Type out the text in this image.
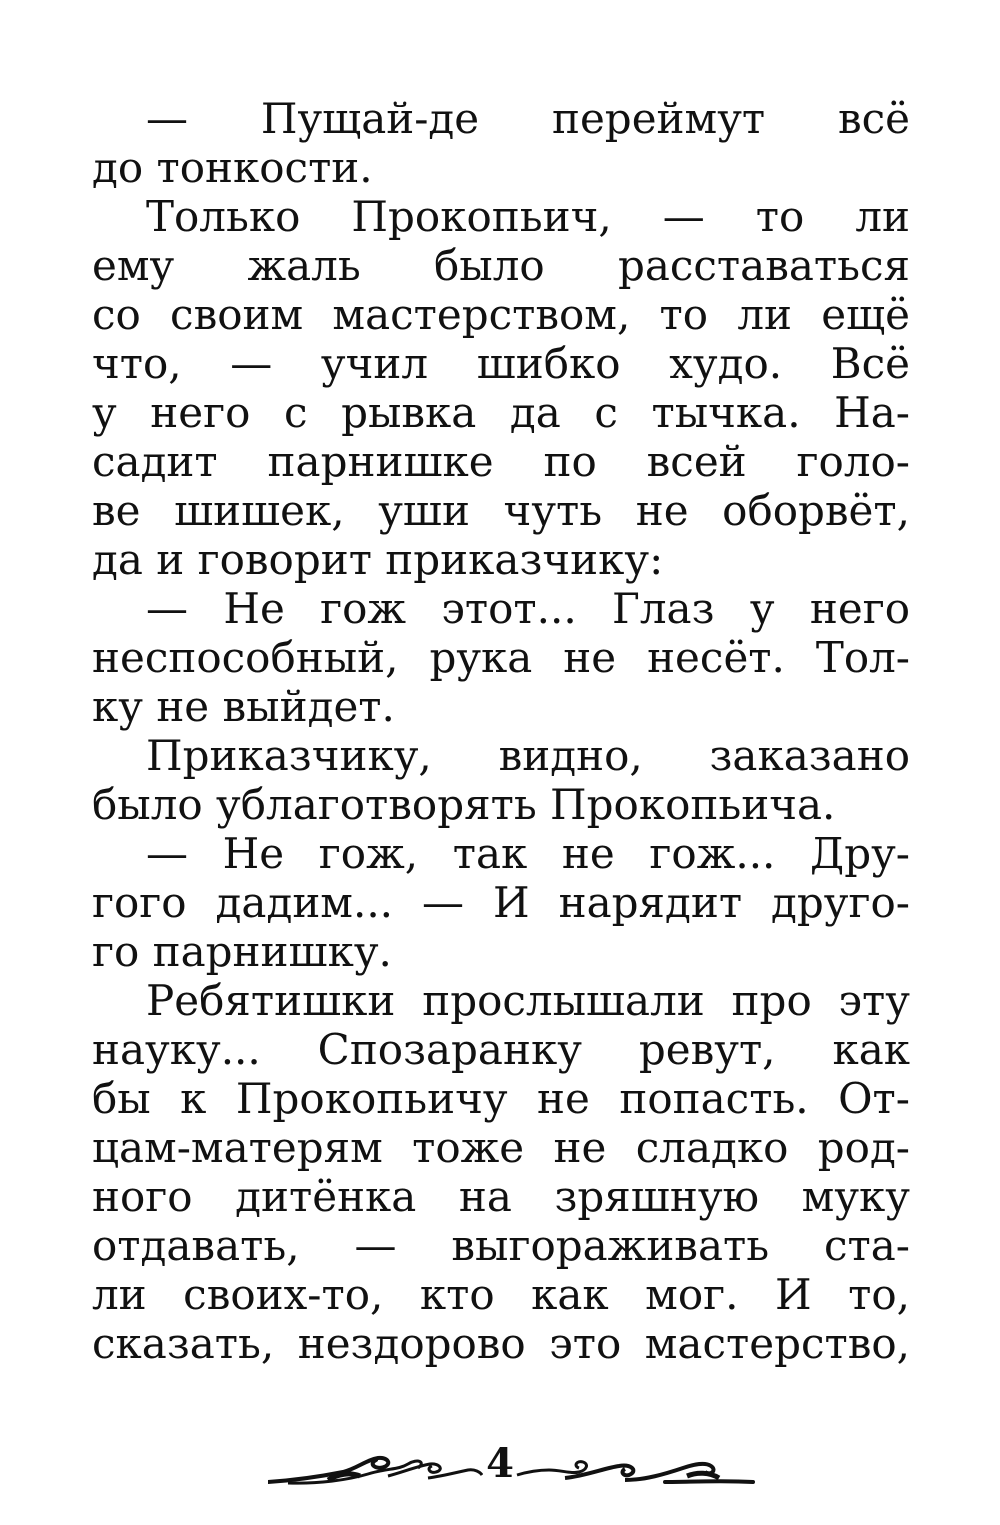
— Пущай-де переймут всё
до тонкости.
Только Прокопьич, — то ли
ему жаль было расставаться
со своим мастерством, то ли ещё
что, — учил шибко худо. Всё
у него с рывка да с тычка. На-
садит парнишке по всей голо-
ве шишек, уши чуть не оборвёт,
да и говорит приказчику:
— Не гож этот... Глаз у него
неспособный, рука не несёт. Тол-
ку не выйдет.
Приказчику, видно, заказано
было ублаготворять Прокопьича.
— Не гож, так не гож... Дру-
гого дадим... — И нарядит друго-
го парнишку.
Ребятишки прослышали про эту
науку... Спозаранку ревут, как
бы к Прокопьичу не попасть. От-
цам-матерям тоже не сладко род-
ного дитёнка на зряшную муку
отдавать, — выгораживать ста-
ли своих-то, кто как мог. И то,
сказать, нездорово это мастерство,
4
